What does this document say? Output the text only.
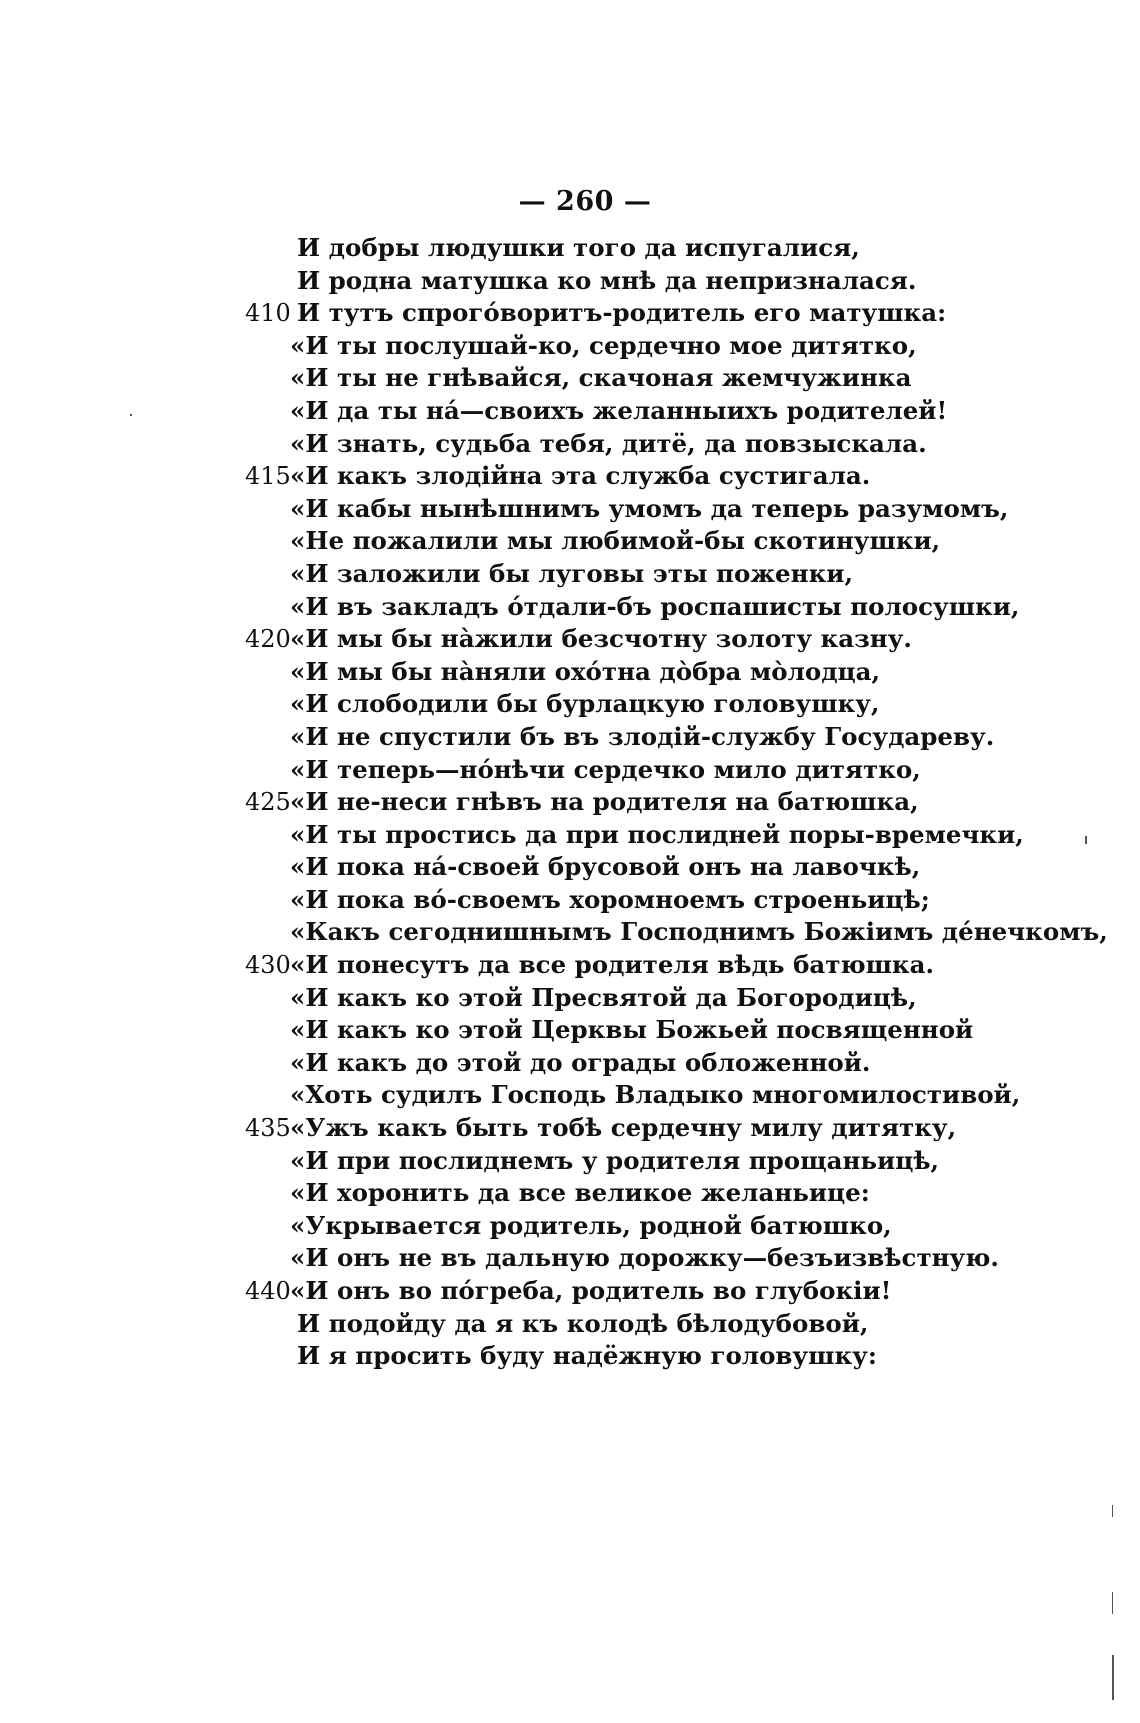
— 260 —
И добры людушки того да испугалися,
И родна матушка ко мнѣ да непризналася.
410 И тутъ спрого́воритъ-родитель его матушка:
«И ты послушай-ко, сердечно мое дитятко,
«И ты не гнѣвайся, скачоная жемчужинка
«И да ты на́—своихъ желанныихъ родителей!
«И знать, судьба тебя, дитё, да повзыскала.
415 «И какъ злодійна эта служба сустигала.
«И кабы нынѣшнимъ умомъ да теперь разумомъ,
«Не пожалили мы любимой-бы скотинушки,
«И заложили бы лугoвы эты поженки,
«И въ закладъ о́тдали-бъ роспашисты полосушки,
420 «И мы бы на̀жили безсчотну золоту казну.
«И мы бы на̀няли охо́тна до̀бра мо̀лодца,
«И слободили бы бурлацкую головушку,
«И не спустили бъ въ злодій-службу Государеву.
«И теперь—но́нѣчи сердечко мило дитятко,
425 «И не-неси гнѣвъ на родителя на батюшка,
«И ты простись да при послидней поры-времечки,
«И пока на́-своей брусовой онъ на лавочкѣ,
«И пока во́-своемъ хоромноемъ строеньицѣ;
«Какъ сегоднишнымъ Господнимъ Божіимъ де́нечкомъ,
430 «И понесутъ да все родителя вѣдь батюшка.
«И какъ ко этой Пресвятой да Богородицѣ,
«И какъ ко этой Церквы Божьей посвященной
«И какъ до этой до ограды обложенной.
«Хоть судилъ Господь Владыко многомилостивой,
435 «Ужъ какъ быть тобѣ сердечну милу дитятку,
«И при послиднемъ у родителя прощаньицѣ,
«И хоронить да все великое желаньице:
«Укрывается родитель, родной батюшко,
«И онъ не въ дальную дорожку—безъизвѣстную.
440 «И онъ во по́греба, родитель во глубокіи!
И подойду да я къ колодѣ бѣлодубовой,
И я просить буду надёжную головушку:
